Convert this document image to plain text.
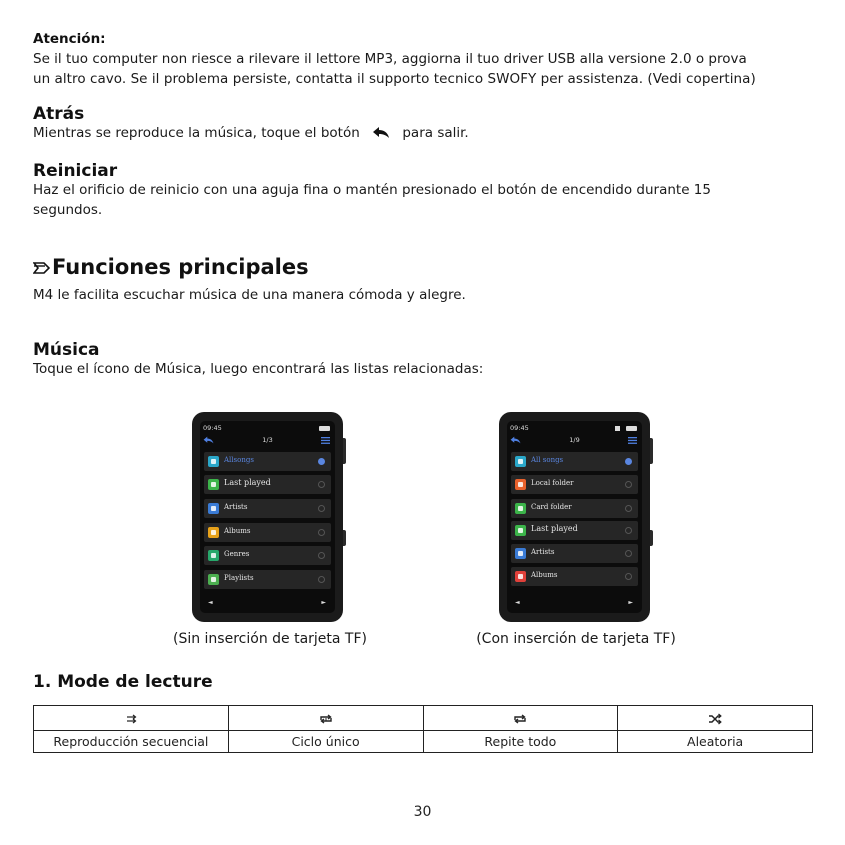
Atención:
Se il tuo computer non riesce a rilevare il lettore MP3, aggiorna il tuo driver USB alla versione 2.0 o prova
un altro cavo. Se il problema persiste, contatta il supporto tecnico SWOFY per assistenza. (Vedi copertina)
Atrás
Mientras se reproduce la música, toque el botón	para salir.
Reiniciar
Haz el orificio de reinicio con una aguja fina o mantén presionado el botón de encendido durante 15
segundos.
Funciones principales
M4 le facilita escuchar música de una manera cómoda y alegre.
Música
Toque el ícono de Música, luego encontrará las listas relacionadas:
09:45
1/3
Allsongs
Last played
Artists
Albums
Genres
Playlists
◄	►
(Sin inserción de tarjeta TF)
09:45
1/9
All songs
Local folder
Card folder
Last played
Artists
Albums
◄	►
(Con inserción de tarjeta TF)
1. Mode de lecture

Reproducción secuencial	Ciclo único	Repite todo	Aleatoria
30
